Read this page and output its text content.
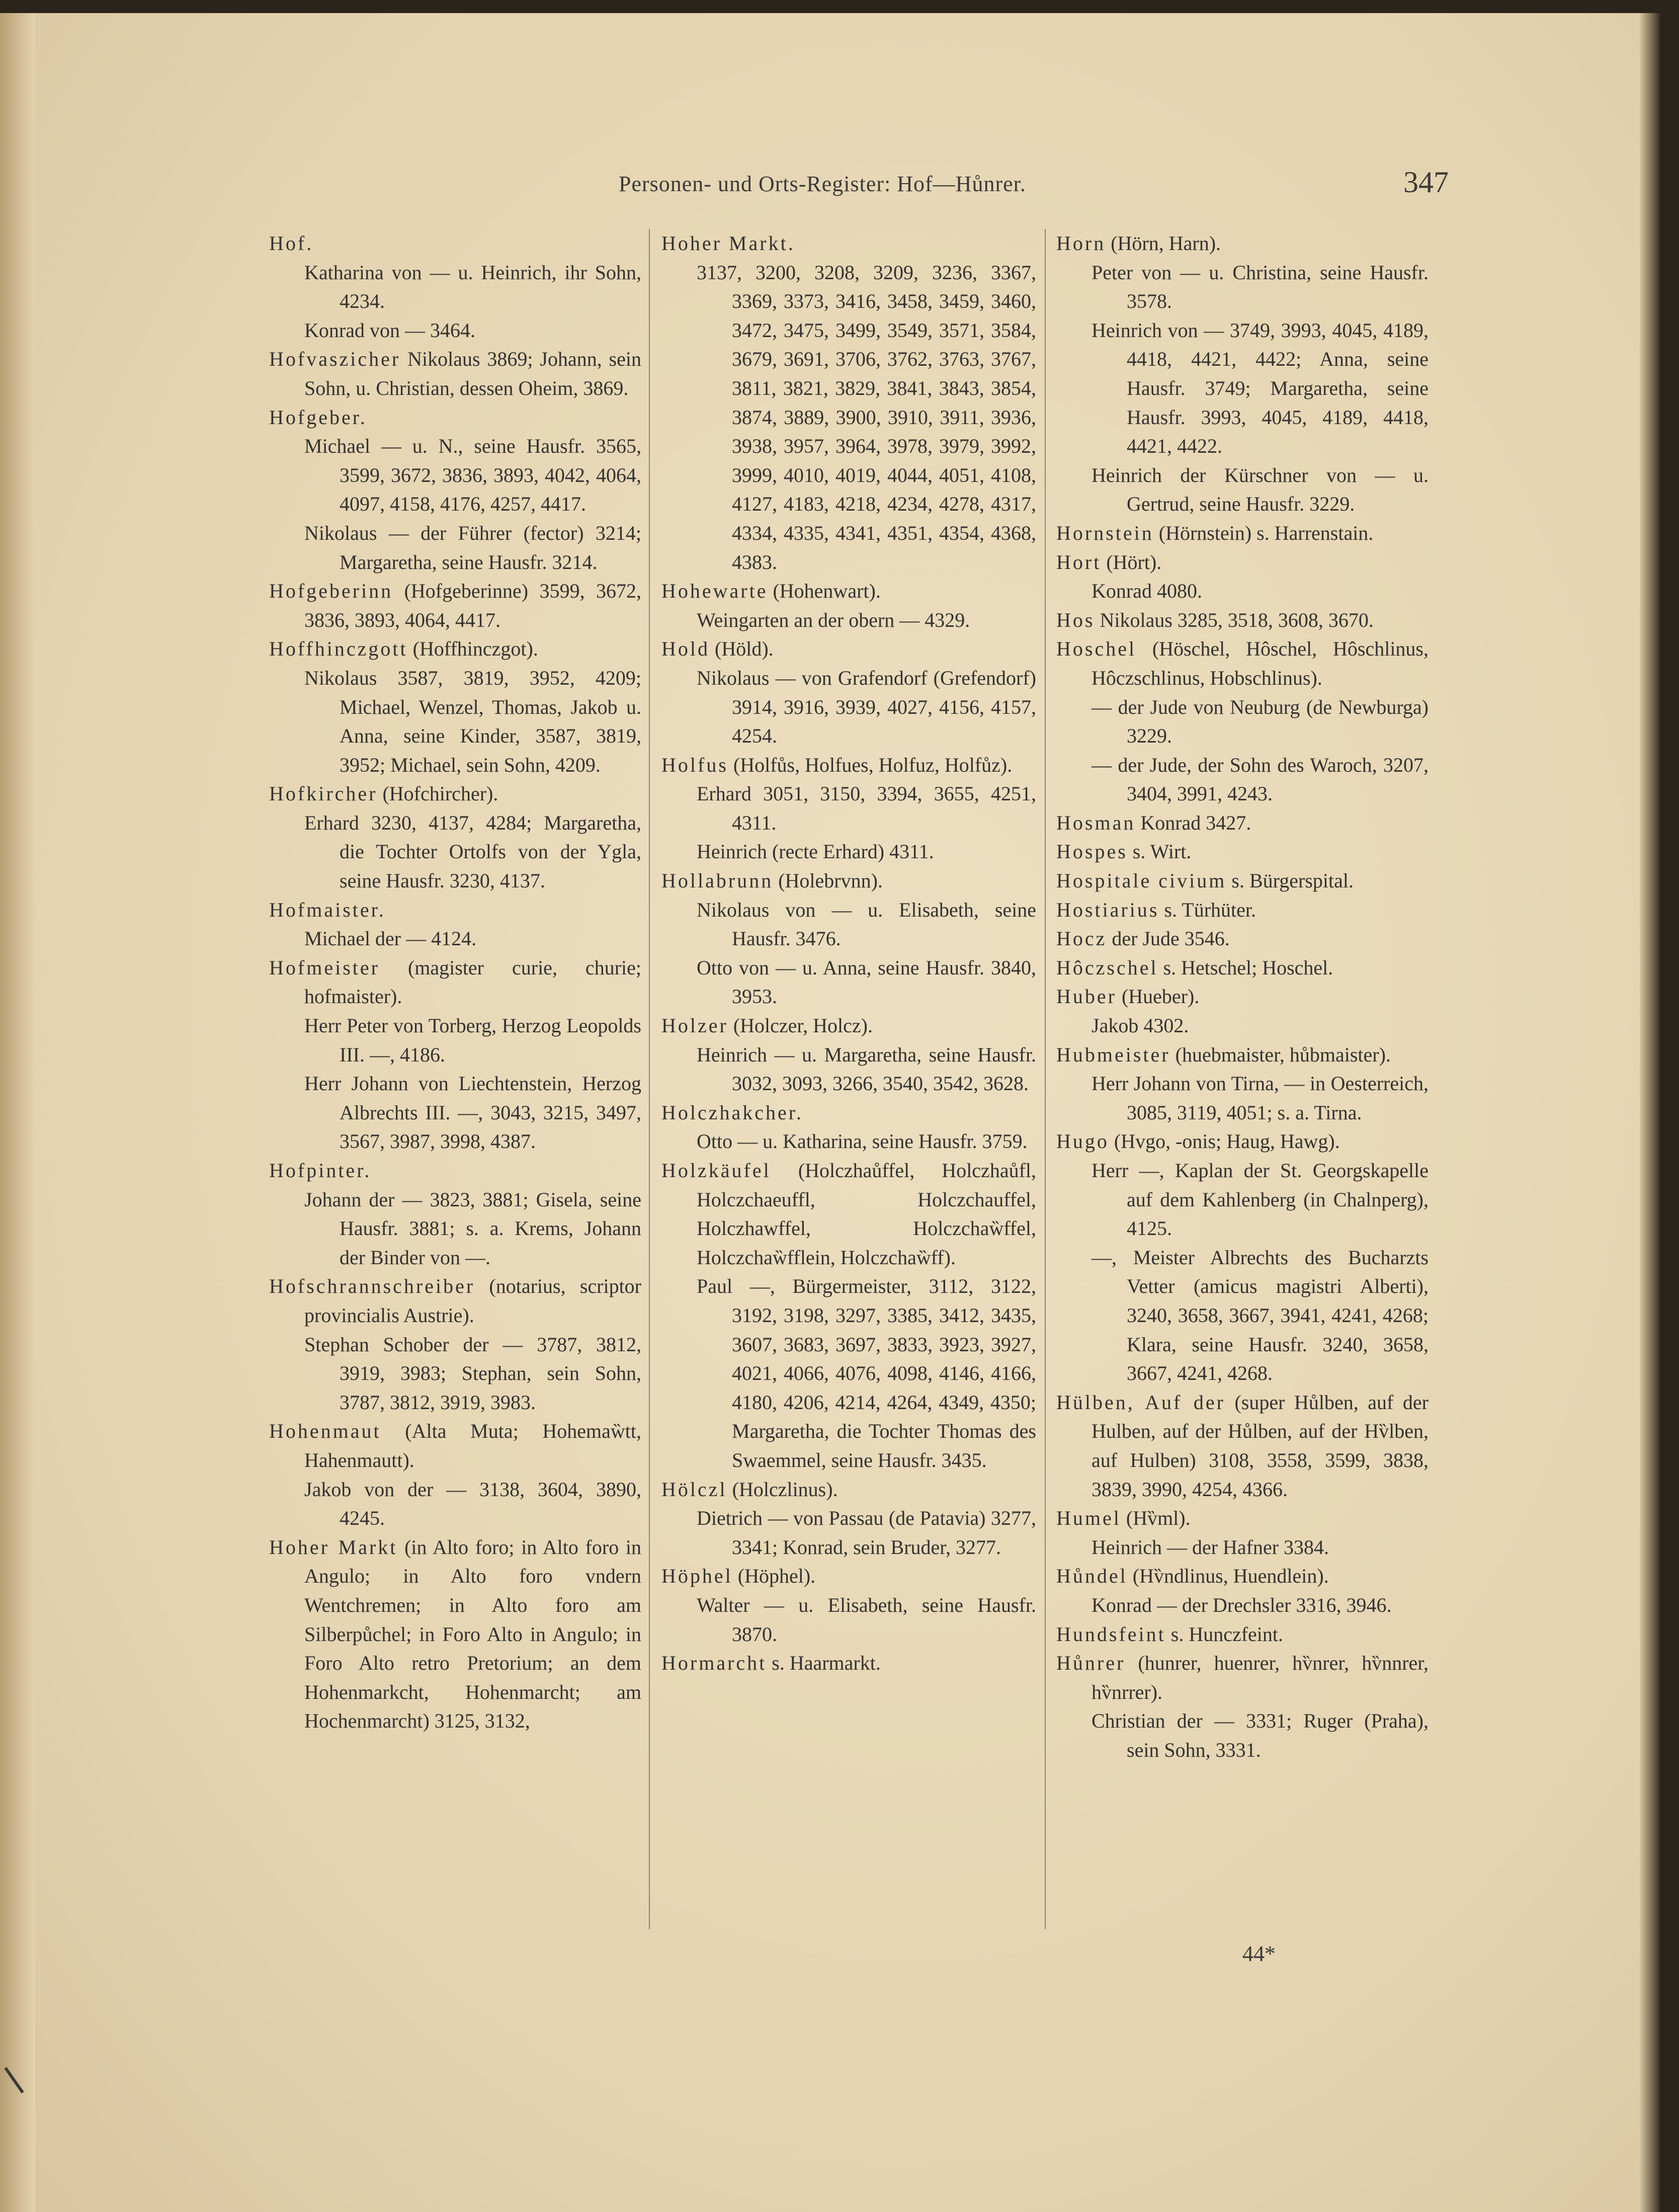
Personen- und Orts-Register: Hof—Hůnrer.	347
Hof.
Katharina von — u. Heinrich, ihr Sohn, 4234.
Konrad von — 3464.
Hofvaszicher Nikolaus 3869; Johann, sein Sohn, u. Christian, dessen Oheim, 3869.
Hofgeber.
Michael — u. N., seine Hausfr. 3565, 3599, 3672, 3836, 3893, 4042, 4064, 4097, 4158, 4176, 4257, 4417.
Nikolaus — der Führer (fector) 3214; Margaretha, seine Hausfr. 3214.
Hofgeberinn (Hofgeberinne) 3599, 3672, 3836, 3893, 4064, 4417.
Hoffhinczgott (Hoffhinczgot).
Nikolaus 3587, 3819, 3952, 4209; Michael, Wenzel, Thomas, Jakob u. Anna, seine Kinder, 3587, 3819, 3952; Michael, sein Sohn, 4209.
Hofkircher (Hofchircher).
Erhard 3230, 4137, 4284; Margaretha, die Tochter Ortolfs von der Ygla, seine Hausfr. 3230, 4137.
Hofmaister.
Michael der — 4124.
Hofmeister (magister curie, churie; hofmaister).
Herr Peter von Torberg, Herzog Leopolds III. —, 4186.
Herr Johann von Liechtenstein, Herzog Albrechts III. —, 3043, 3215, 3497, 3567, 3987, 3998, 4387.
Hofpinter.
Johann der — 3823, 3881; Gisela, seine Hausfr. 3881; s. a. Krems, Johann der Binder von —.
Hofschrannschreiber (notarius, scriptor provincialis Austrie).
Stephan Schober der — 3787, 3812, 3919, 3983; Stephan, sein Sohn, 3787, 3812, 3919, 3983.
Hohenmaut (Alta Muta; Hohemaw̏tt, Hahenmautt).
Jakob von der — 3138, 3604, 3890, 4245.
Hoher Markt (in Alto foro; in Alto foro in Angulo; in Alto foro vndern Wentchremen; in Alto foro am Silberpůchel; in Foro Alto in Angulo; in Foro Alto retro Pretorium; an dem Hohenmarkcht, Hohenmarcht; am Hochenmarcht) 3125, 3132,
Hoher Markt.
3137, 3200, 3208, 3209, 3236, 3367, 3369, 3373, 3416, 3458, 3459, 3460, 3472, 3475, 3499, 3549, 3571, 3584, 3679, 3691, 3706, 3762, 3763, 3767, 3811, 3821, 3829, 3841, 3843, 3854, 3874, 3889, 3900, 3910, 3911, 3936, 3938, 3957, 3964, 3978, 3979, 3992, 3999, 4010, 4019, 4044, 4051, 4108, 4127, 4183, 4218, 4234, 4278, 4317, 4334, 4335, 4341, 4351, 4354, 4368, 4383.
Hohewarte (Hohenwart).
Weingarten an der obern — 4329.
Hold (Höld).
Nikolaus — von Grafendorf (Grefendorf) 3914, 3916, 3939, 4027, 4156, 4157, 4254.
Holfus (Holfůs, Holfues, Holfuz, Holfůz).
Erhard 3051, 3150, 3394, 3655, 4251, 4311.
Heinrich (recte Erhard) 4311.
Hollabrunn (Holebrvnn).
Nikolaus von — u. Elisabeth, seine Hausfr. 3476.
Otto von — u. Anna, seine Hausfr. 3840, 3953.
Holzer (Holczer, Holcz).
Heinrich — u. Margaretha, seine Hausfr. 3032, 3093, 3266, 3540, 3542, 3628.
Holczhakcher.
Otto — u. Katharina, seine Hausfr. 3759.
Holzkäufel (Holczhaůffel, Holczhaůfl, Holczchaeuffl, Holczchauffel, Holczhawffel, Holczchaw̏ffel, Holczchaw̏fflein, Holczchaw̏ff).
Paul —, Bürgermeister, 3112, 3122, 3192, 3198, 3297, 3385, 3412, 3435, 3607, 3683, 3697, 3833, 3923, 3927, 4021, 4066, 4076, 4098, 4146, 4166, 4180, 4206, 4214, 4264, 4349, 4350; Margaretha, die Tochter Thomas des Swaemmel, seine Hausfr. 3435.
Hölczl (Holczlinus).
Dietrich — von Passau (de Patavia) 3277, 3341; Konrad, sein Bruder, 3277.
Höphel (Höphel).
Walter — u. Elisabeth, seine Hausfr. 3870.
Hormarcht s. Haarmarkt.
Horn (Hörn, Harn).
Peter von — u. Christina, seine Hausfr. 3578.
Heinrich von — 3749, 3993, 4045, 4189, 4418, 4421, 4422; Anna, seine Hausfr. 3749; Margaretha, seine Hausfr. 3993, 4045, 4189, 4418, 4421, 4422.
Heinrich der Kürschner von — u. Gertrud, seine Hausfr. 3229.
Hornstein (Hörnstein) s. Harrenstain.
Hort (Hört).
Konrad 4080.
Hos Nikolaus 3285, 3518, 3608, 3670.
Hoschel (Höschel, Hôschel, Hôschlinus, Hôczschlinus, Hobschlinus).
— der Jude von Neuburg (de Newburga) 3229.
— der Jude, der Sohn des Waroch, 3207, 3404, 3991, 4243.
Hosman Konrad 3427.
Hospes s. Wirt.
Hospitale civium s. Bürgerspital.
Hostiarius s. Türhüter.
Hocz der Jude 3546.
Hôczschel s. Hetschel; Hoschel.
Huber (Hueber).
Jakob 4302.
Hubmeister (huebmaister, hůbmaister).
Herr Johann von Tirna, — in Oesterreich, 3085, 3119, 4051; s. a. Tirna.
Hugo (Hvgo, -onis; Haug, Hawg).
Herr —, Kaplan der St. Georgskapelle auf dem Kahlenberg (in Chalnperg), 4125.
—, Meister Albrechts des Bucharzts Vetter (amicus magistri Alberti), 3240, 3658, 3667, 3941, 4241, 4268; Klara, seine Hausfr. 3240, 3658, 3667, 4241, 4268.
Hülben, Auf der (super Hůlben, auf der Hulben, auf der Hůlben, auf der Hv̏lben, auf Hulben) 3108, 3558, 3599, 3838, 3839, 3990, 4254, 4366.
Humel (Hv̏ml).
Heinrich — der Hafner 3384.
Hůndel (Hv̏ndlinus, Huendlein).
Konrad — der Drechsler 3316, 3946.
Hundsfeint s. Hunczfeint.
Hůnrer (hunrer, huenrer, hv̏nrer, hv̏nnrer, hv̏nrrer).
Christian der — 3331; Ruger (Praha), sein Sohn, 3331.
44*
